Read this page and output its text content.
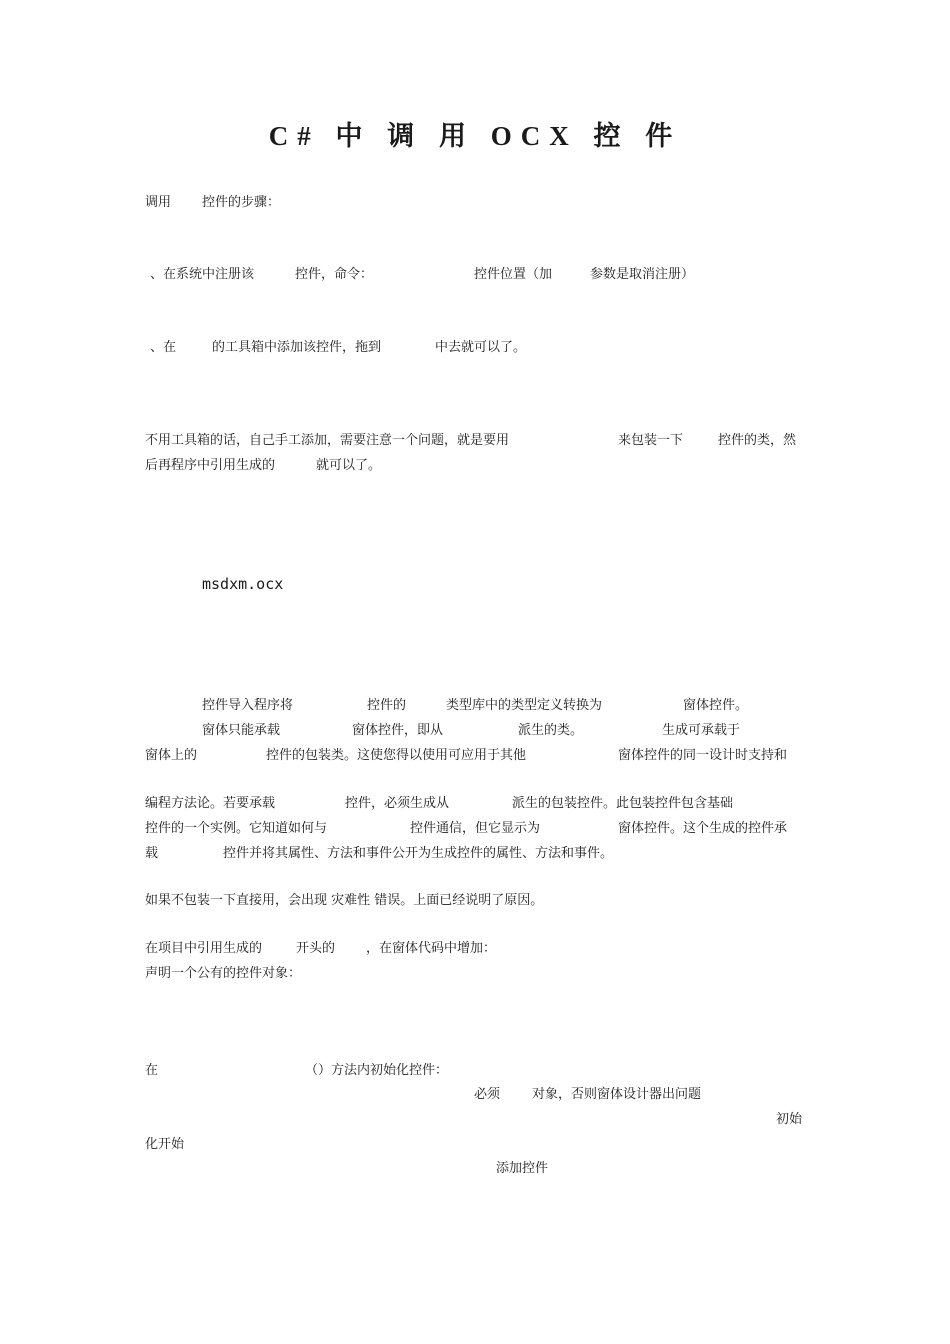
C# 中 调 用 OCX 控 件
调用 控件的步骤：
、在系统中注册该	控件，命令：	控件位置（加	参数是取消注册）
、在	的工具箱中添加该控件，拖到	中去就可以了。
不用工具箱的话，自己手工添加，需要注意一个问题，就是要用	来包装一下	控件的类，然
后再程序中引用生成的	就可以了。
msdxm.ocx
控件导入程序将	控件的	类型库中的类型定义转换为	窗体控件。
窗体只能承载	窗体控件，即从	派生的类。	生成可承载于
窗体上的	控件的包装类。这使您得以使用可应用于其他	窗体控件的同一设计时支持和
编程方法论。若要承载	控件，必须生成从	派生的包装控件。此包装控件包含基础
控件的一个实例。它知道如何与	控件通信，但它显示为	窗体控件。这个生成的控件承
载	控件并将其属性、方法和事件公开为生成控件的属性、方法和事件。
如果不包装一下直接用，会出现 灾难性 错误。上面已经说明了原因。
在项目中引用生成的	开头的 ，在窗体代码中增加：
声明一个公有的控件对象：
在	（）方法内初始化控件：
必须 对象，否则窗体设计器出问题
初始
化开始
添加控件
